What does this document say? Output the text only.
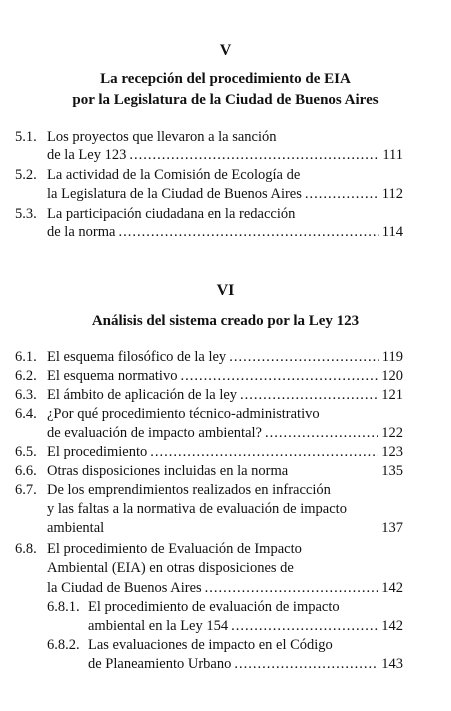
V
La recepción del procedimiento de EIA
por la Legislatura de la Ciudad de Buenos Aires
5.1. Los proyectos que llevaron a la sanción
de la Ley 123 .....	111
5.2. La actividad de la Comisión de Ecología de
la Legislatura de la Ciudad de Buenos Aires .....	112
5.3. La participación ciudadana en la redacción
de la norma .....	114
VI
Análisis del sistema creado por la Ley 123
6.1. El esquema filosófico de la ley .....	119
6.2. El esquema normativo .....	120
6.3. El ámbito de aplicación de la ley .....	121
6.4. ¿Por qué procedimiento técnico-administrativo
de evaluación de impacto ambiental? .....	122
6.5. El procedimiento .....	123
6.6. Otras disposiciones incluidas en la norma	135
6.7. De los emprendimientos realizados en infracción
y las faltas a la normativa de evaluación de impacto
ambiental	137
6.8. El procedimiento de Evaluación de Impacto
Ambiental (EIA) en otras disposiciones de
la Ciudad de Buenos Aires .....	142
6.8.1. El procedimiento de evaluación de impacto
ambiental en la Ley 154 .....	142
6.8.2. Las evaluaciones de impacto en el Código
de Planeamiento Urbano .....	143
